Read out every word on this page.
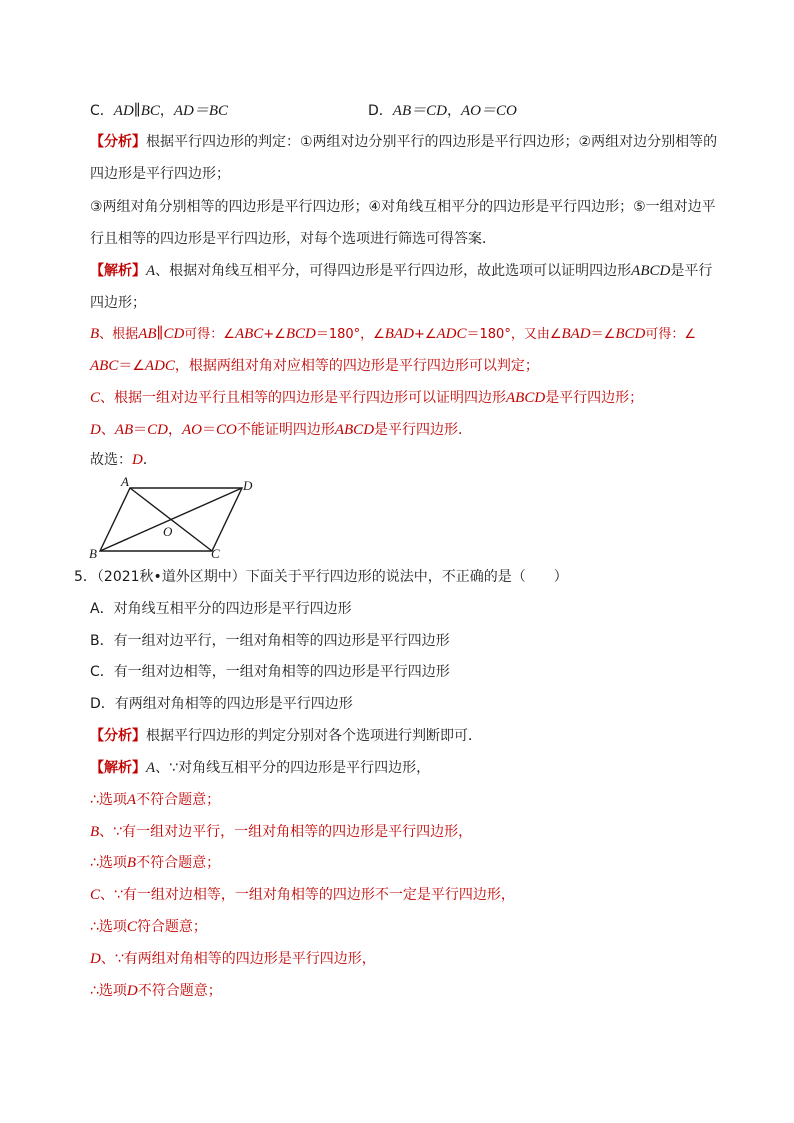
C．AD∥BC，AD＝BC	D．AB＝CD，AO＝CO
【分析】根据平行四边形的判定：①两组对边分别平行的四边形是平行四边形；②两组对边分别相等的
四边形是平行四边形；
③两组对角分别相等的四边形是平行四边形；④对角线互相平分的四边形是平行四边形；⑤一组对边平
行且相等的四边形是平行四边形，对每个选项进行筛选可得答案．
【解析】A、根据对角线互相平分，可得四边形是平行四边形，故此选项可以证明四边形ABCD是平行
四边形；
B、根据AB∥CD可得：∠ABC+∠BCD＝180°，∠BAD+∠ADC＝180°，又由∠BAD＝∠BCD可得：∠
ABC＝∠ADC，根据两组对角对应相等的四边形是平行四边形可以判定；
C、根据一组对边平行且相等的四边形是平行四边形可以证明四边形ABCD是平行四边形；
D、AB＝CD，AO＝CO不能证明四边形ABCD是平行四边形．
故选：D．
A	D
B	C
O
5．（2021秋•道外区期中）下面关于平行四边形的说法中，不正确的是（　　）
A．对角线互相平分的四边形是平行四边形
B．有一组对边平行，一组对角相等的四边形是平行四边形
C．有一组对边相等，一组对角相等的四边形是平行四边形
D．有两组对角相等的四边形是平行四边形
【分析】根据平行四边形的判定分别对各个选项进行判断即可．
【解析】A、∵对角线互相平分的四边形是平行四边形，
∴选项A不符合题意；
B、∵有一组对边平行，一组对角相等的四边形是平行四边形，
∴选项B不符合题意；
C、∵有一组对边相等，一组对角相等的四边形不一定是平行四边形，
∴选项C符合题意；
D、∵有两组对角相等的四边形是平行四边形，
∴选项D不符合题意；
